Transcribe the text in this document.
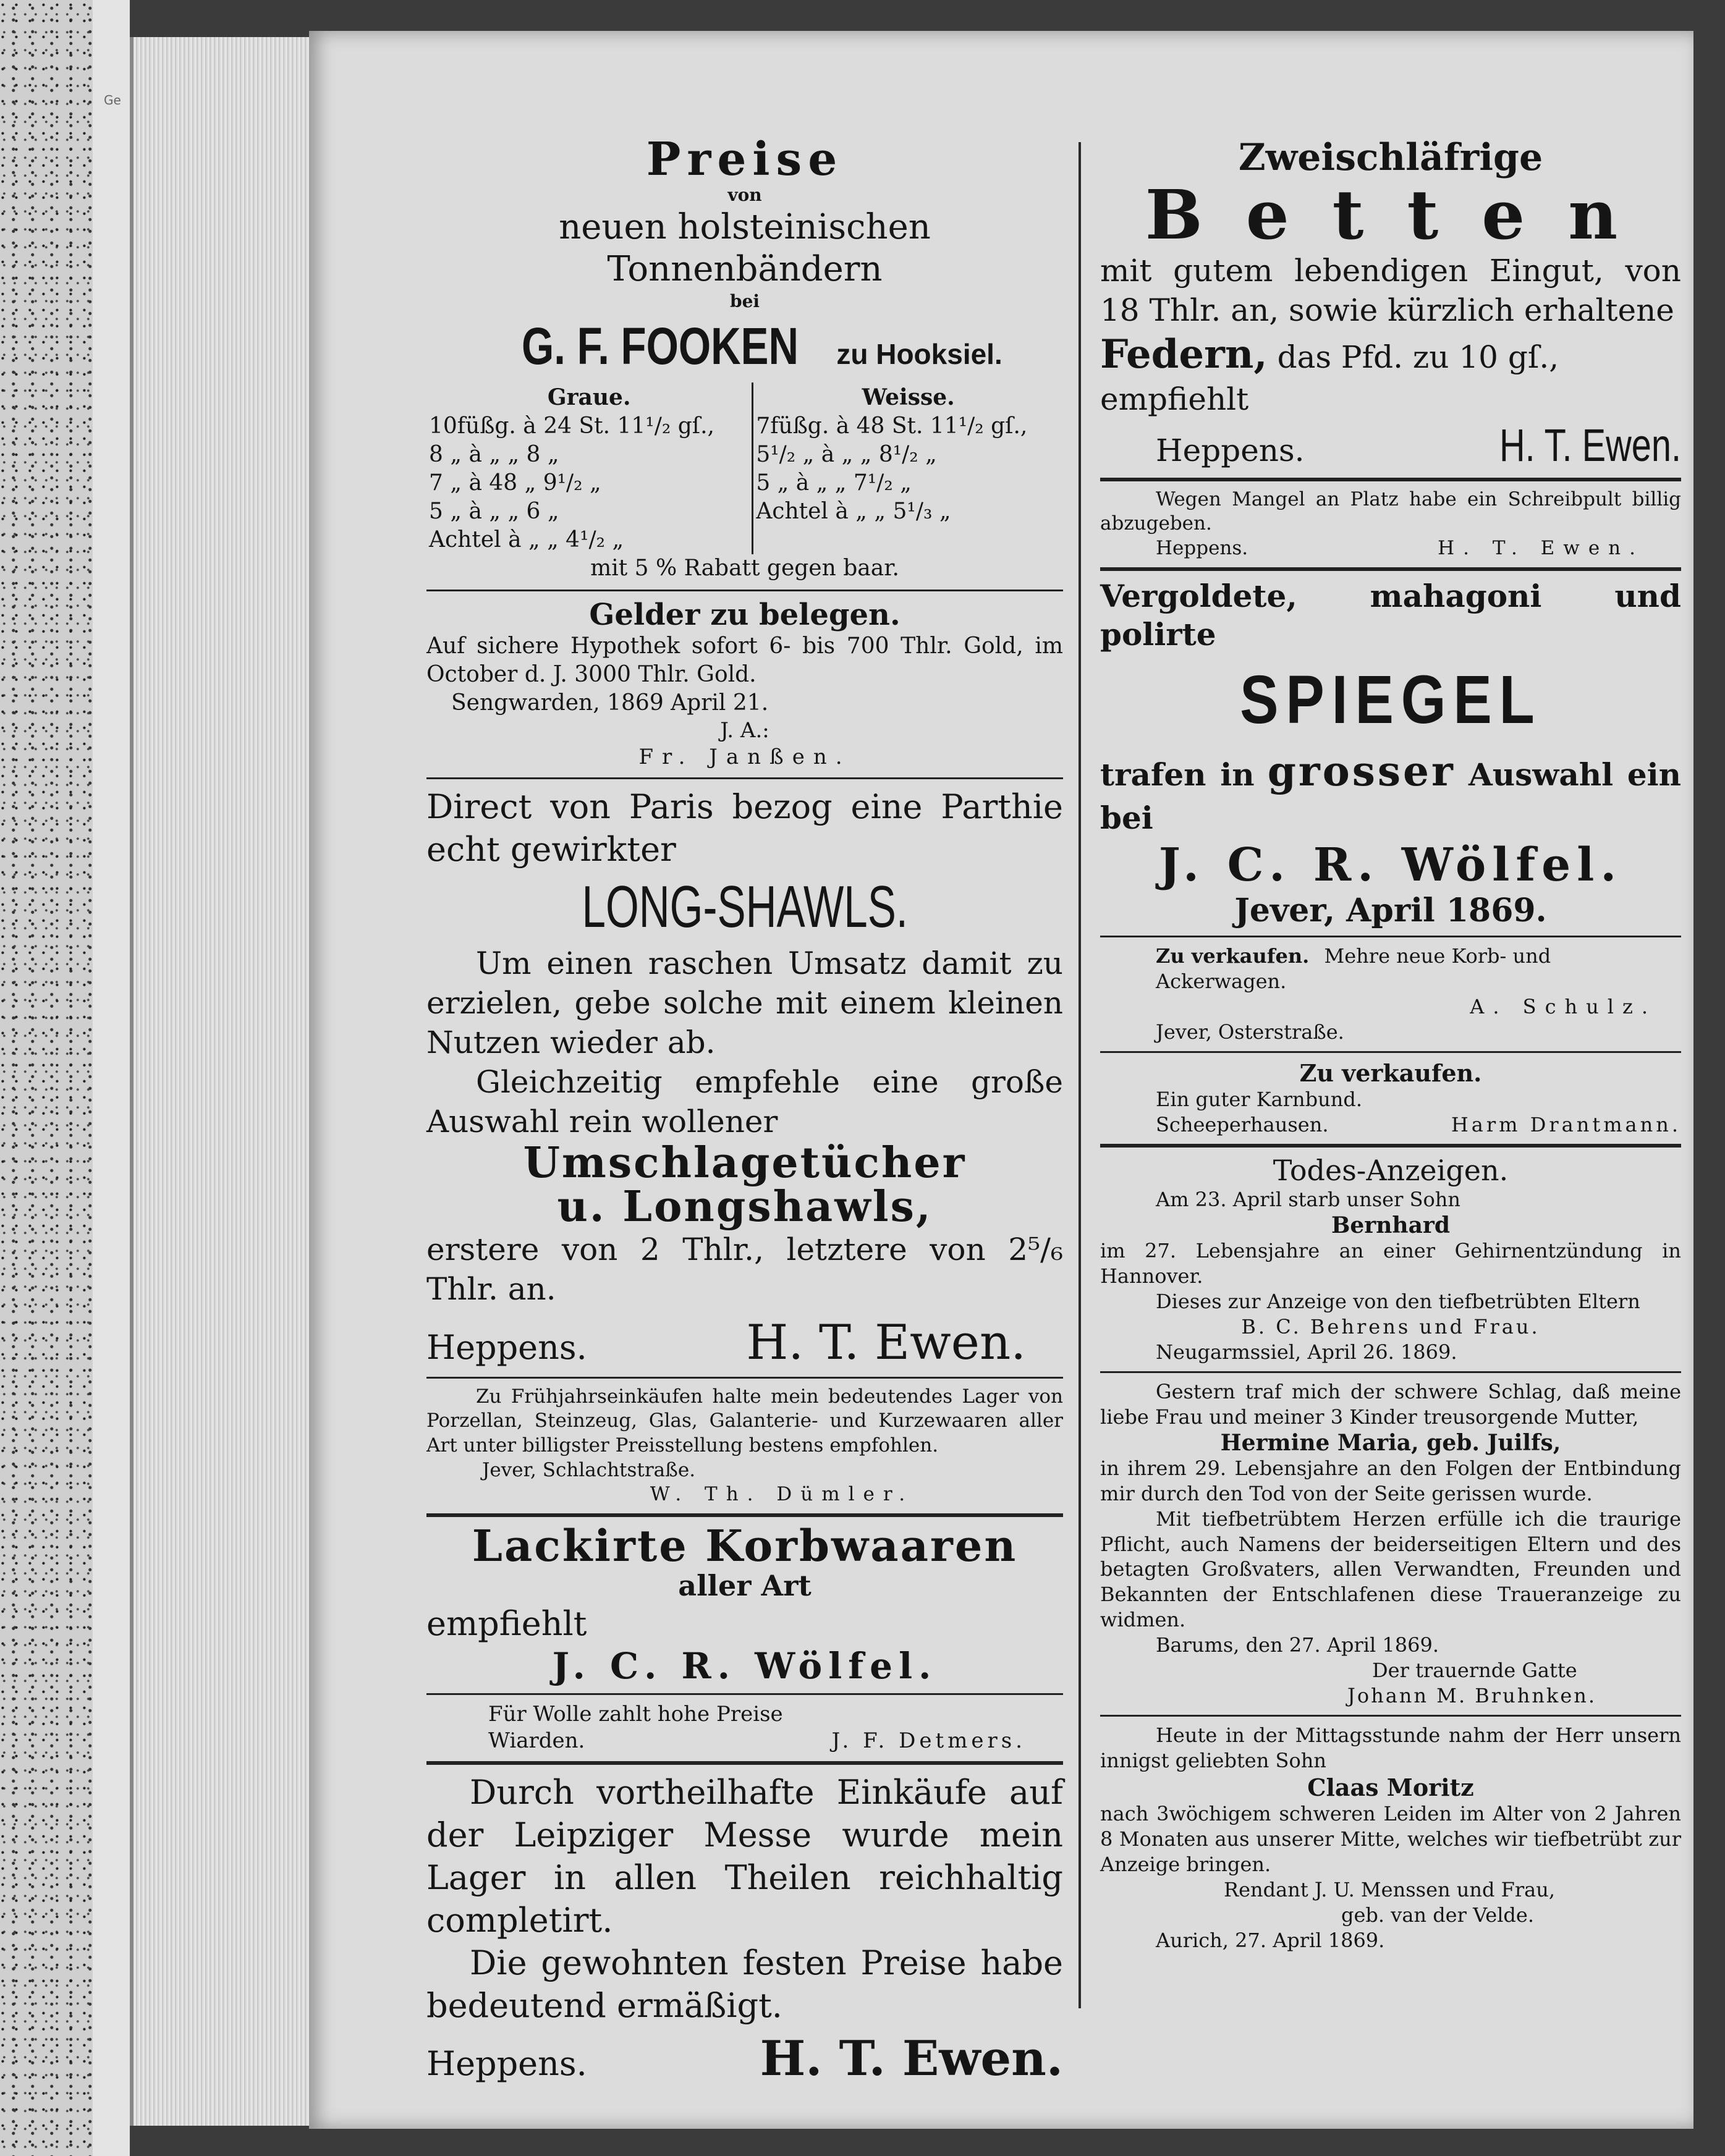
Ge
Preise
von
neuen holsteinischen Tonnenbändern
bei
G. F. FOOKEN zu Hooksiel.
Graue.	Weisse.
10füßg. à 24 St. 11¹/₂ gſ.,	7füßg. à 48 St. 11¹/₂ gſ.,
8 „ à „ „ 8 „	5¹/₂ „ à „ „ 8¹/₂ „
7 „ à 48 „ 9¹/₂ „	5 „ à „ „ 7¹/₂ „
5 „ à „ „ 6 „	Achtel à „ „ 5¹/₃ „
Achtel à „ „ 4¹/₂ „	
mit 5 % Rabatt gegen baar.
Gelder zu belegen.
Auf sichere Hypothek sofort 6- bis 700 Thlr. Gold, im October d. J. 3000 Thlr. Gold.
Sengwarden, 1869 April 21.
J. A.:
Fr. Janßen.
Direct von Paris bezog eine Parthie echt gewirkter
LONG-SHAWLS.
Um einen raschen Umsatz damit zu erzielen, gebe solche mit einem kleinen Nutzen wieder ab.
Gleichzeitig empfehle eine große Auswahl rein wollener
Umschlagetücher
u. Longshawls,
erstere von 2 Thlr., letztere von 2⁵/₆ Thlr. an.
Heppens.	H. T. Ewen.
Zu Frühjahrseinkäufen halte mein bedeutendes Lager von Porzellan, Steinzeug, Glas, Galanterie- und Kurzewaaren aller Art unter billigster Preisstellung bestens empfohlen.
Jever, Schlachtstraße.
W. Th. Dümler.
Lackirte Korbwaaren
aller Art
empfiehlt
J. C. R. Wölfel.
Für Wolle zahlt hohe Preise
Wiarden.	J. F. Detmers.
Durch vortheilhafte Einkäufe auf der Leipziger Messe wurde mein Lager in allen Theilen reichhaltig completirt.
Die gewohnten festen Preise habe bedeutend ermäßigt.
Heppens.	H. T. Ewen.
Zweischläfrige
Betten
mit gutem lebendigen Eingut, von 18 Thlr. an, sowie kürzlich erhaltene
Federn, das Pfd. zu 10 gſ.,
empfiehlt
Heppens.	H. T. Ewen.
Wegen Mangel an Platz habe ein Schreibpult billig abzugeben.
Heppens.	H. T. Ewen.
Vergoldete, mahagoni und polirte
SPIEGEL
trafen in grosser Auswahl ein bei
J. C. R. Wölfel.
Jever, April 1869.
Zu verkaufen. Mehre neue Korb- und Ackerwagen.
A. Schulz.
Jever, Osterstraße.
Zu verkaufen.
Ein guter Karnbund.
Scheeperhausen.	Harm Drantmann.
Todes-Anzeigen.
Am 23. April starb unser Sohn
Bernhard
im 27. Lebensjahre an einer Gehirnentzündung in Hannover.
Dieses zur Anzeige von den tiefbetrübten Eltern
B. C. Behrens und Frau.
Neugarmssiel, April 26. 1869.
Gestern traf mich der schwere Schlag, daß meine liebe Frau und meiner 3 Kinder treusorgende Mutter,
Hermine Maria, geb. Juilfs,
in ihrem 29. Lebensjahre an den Folgen der Entbindung mir durch den Tod von der Seite gerissen wurde.
Mit tiefbetrübtem Herzen erfülle ich die traurige Pflicht, auch Namens der beiderseitigen Eltern und des betagten Großvaters, allen Verwandten, Freunden und Bekannten der Entschlafenen diese Traueranzeige zu widmen.
Barums, den 27. April 1869.
Der trauernde Gatte
Johann M. Bruhnken.
Heute in der Mittagsstunde nahm der Herr unsern innigst geliebten Sohn
Claas Moritz
nach 3wöchigem schweren Leiden im Alter von 2 Jahren 8 Monaten aus unserer Mitte, welches wir tiefbetrübt zur Anzeige bringen.
Rendant J. U. Menssen und Frau,
geb. van der Velde.
Aurich, 27. April 1869.
